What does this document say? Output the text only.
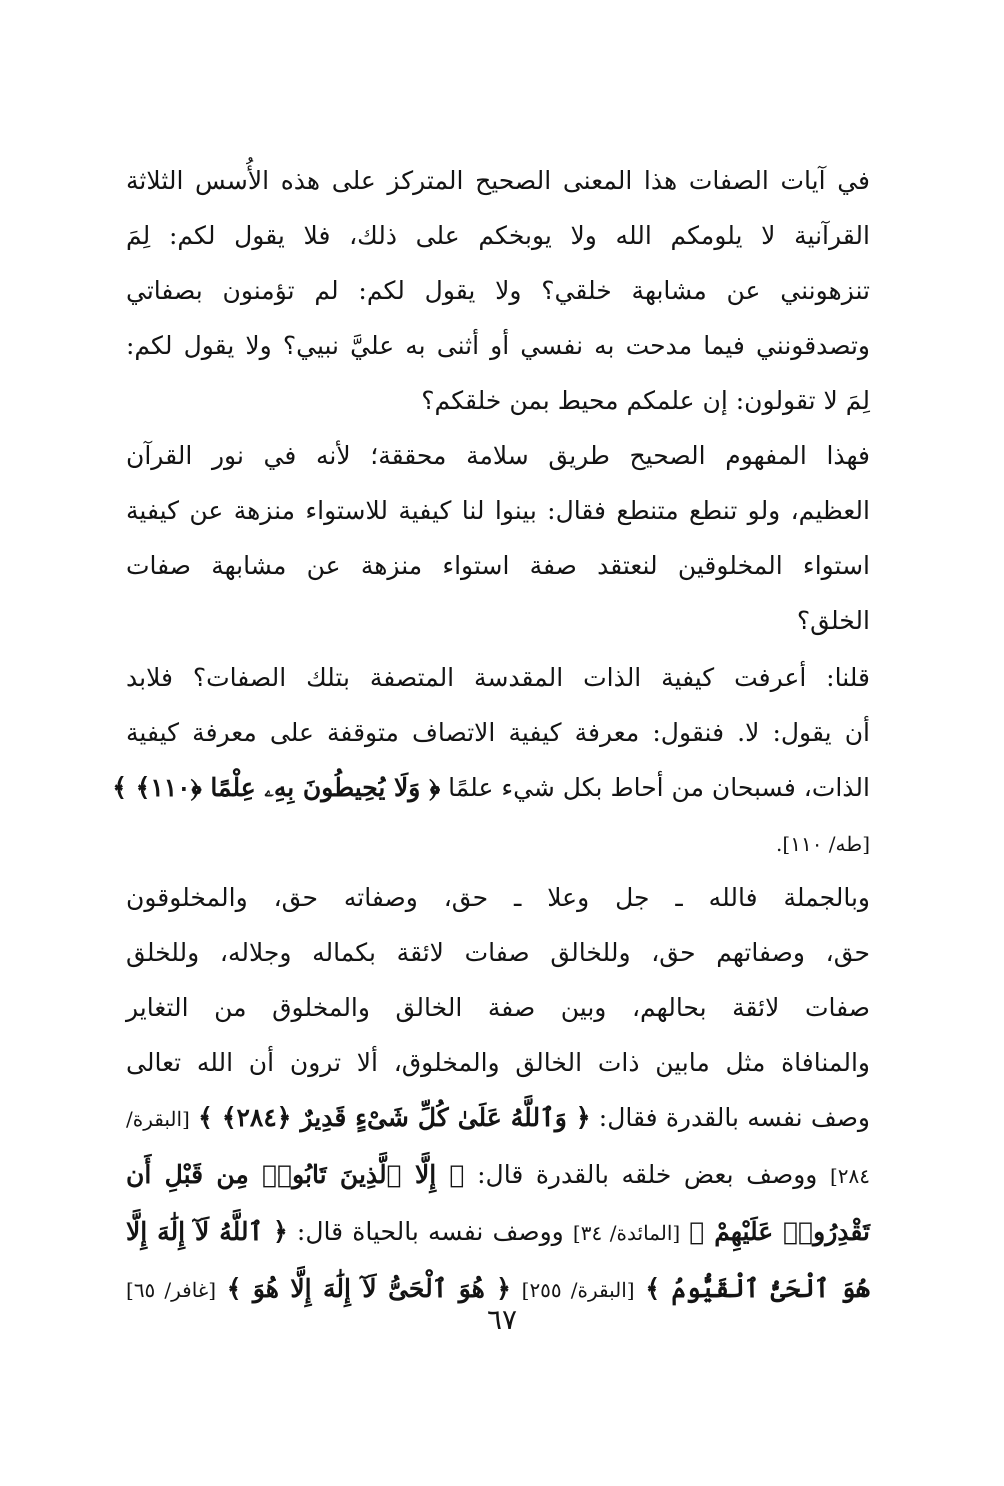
في آيات الصفات هذا المعنى الصحيح المتركز على هذه الأُسس الثلاثة
القرآنية لا يلومكم الله ولا يوبخكم على ذلك، فلا يقول لكم: لِمَ
تنزهونني عن مشابهة خلقي؟ ولا يقول لكم: لم تؤمنون بصفاتي
وتصدقونني فيما مدحت به نفسي أو أثنى به عليَّ نبيي؟ ولا يقول لكم:
لِمَ لا تقولون: إن علمكم محيط بمن خلقكم؟
فهذا المفهوم الصحيح طريق سلامة محققة؛ لأنه في نور القرآن
العظيم، ولو تنطع متنطع فقال: بينوا لنا كيفية للاستواء منزهة عن كيفية
استواء المخلوقين لنعتقد صفة استواء منزهة عن مشابهة صفات
الخلق؟
قلنا: أعرفت كيفية الذات المقدسة المتصفة بتلك الصفات؟ فلابد
أن يقول: لا. فنقول: معرفة كيفية الاتصاف متوقفة على معرفة كيفية
الذات، فسبحان من أحاط بكل شيء علمًا ﴿ وَلَا يُحِيطُونَ بِهِۦ عِلْمًا ﴿١١٠﴾ ﴾
[طه/ ١١٠].
وبالجملة فالله ـ جل وعلا ـ حق، وصفاته حق، والمخلوقون
حق، وصفاتهم حق، وللخالق صفات لائقة بكماله وجلاله، وللخلق
صفات لائقة بحالهم، وبين صفة الخالق والمخلوق من التغاير
والمنافاة مثل مابين ذات الخالق والمخلوق، ألا ترون أن الله تعالى
وصف نفسه بالقدرة فقال: ﴿ وَٱللَّهُ عَلَىٰ كُلِّ شَىْءٍ قَدِيرٌ ﴿٢٨٤﴾ ﴾ [البقرة/
٢٨٤] ووصف بعض خلقه بالقدرة قال: ﴿ إِلَّا ٱلَّذِينَ تَابُوا۟ مِن قَبْلِ أَن
تَقْدِرُوا۟ عَلَيْهِمْ ﴾ [المائدة/ ٣٤] ووصف نفسه بالحياة قال: ﴿ ٱللَّهُ لَآ إِلَٰهَ إِلَّا
هُوَ ٱلْحَىُّ ٱلْقَيُّومُ ﴾ [البقرة/ ٢٥٥] ﴿ هُوَ ٱلْحَىُّ لَآ إِلَٰهَ إِلَّا هُوَ ﴾ [غافر/ ٦٥]
٦٧
